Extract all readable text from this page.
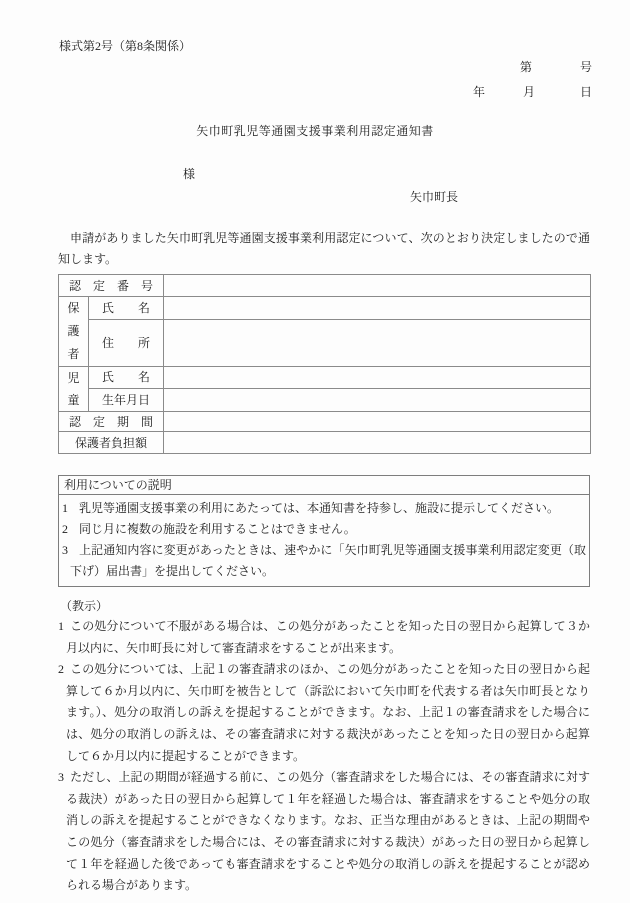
様式第2号（第8条関係）
第	号
年	月	日
矢巾町乳児等通園支援事業利用認定通知書
様
矢巾町長

申請がありました矢巾町乳児等通園支援事業利用認定について、次のとおり決定しましたので通知します。

認　定　番　号		

保護者	氏　　名	
	住　　所	

児童	氏　　名	
	生年月日	
認　定　期　間		
保護者負担額		
利用についての説明
1 乳児等通園支援事業の利用にあたっては、本通知書を持参し、施設に提示してください。
2 同じ月に複数の施設を利用することはできません。
3 上記通知内容に変更があったときは、速やかに「矢巾町乳児等通園支援事業利用認定変更（取下げ）届出書」を提出してください。
（教示）
1 この処分について不服がある場合は、この処分があったことを知った日の翌日から起算して３か月以内に、矢巾町長に対して審査請求をすることが出来ます。
2 この処分については、上記１の審査請求のほか、この処分があったことを知った日の翌日から起算して６か月以内に、矢巾町を被告として（訴訟において矢巾町を代表する者は矢巾町長となります。）、処分の取消しの訴えを提起することができます。なお、上記１の審査請求をした場合には、処分の取消しの訴えは、その審査請求に対する裁決があったことを知った日の翌日から起算して６か月以内に提起することができます。
3 ただし、上記の期間が経過する前に、この処分（審査請求をした場合には、その審査請求に対する裁決）があった日の翌日から起算して１年を経過した場合は、審査請求をすることや処分の取消しの訴えを提起することができなくなります。なお、正当な理由があるときは、上記の期間やこの処分（審査請求をした場合には、その審査請求に対する裁決）があった日の翌日から起算して１年を経過した後であっても審査請求をすることや処分の取消しの訴えを提起することが認められる場合があります。
